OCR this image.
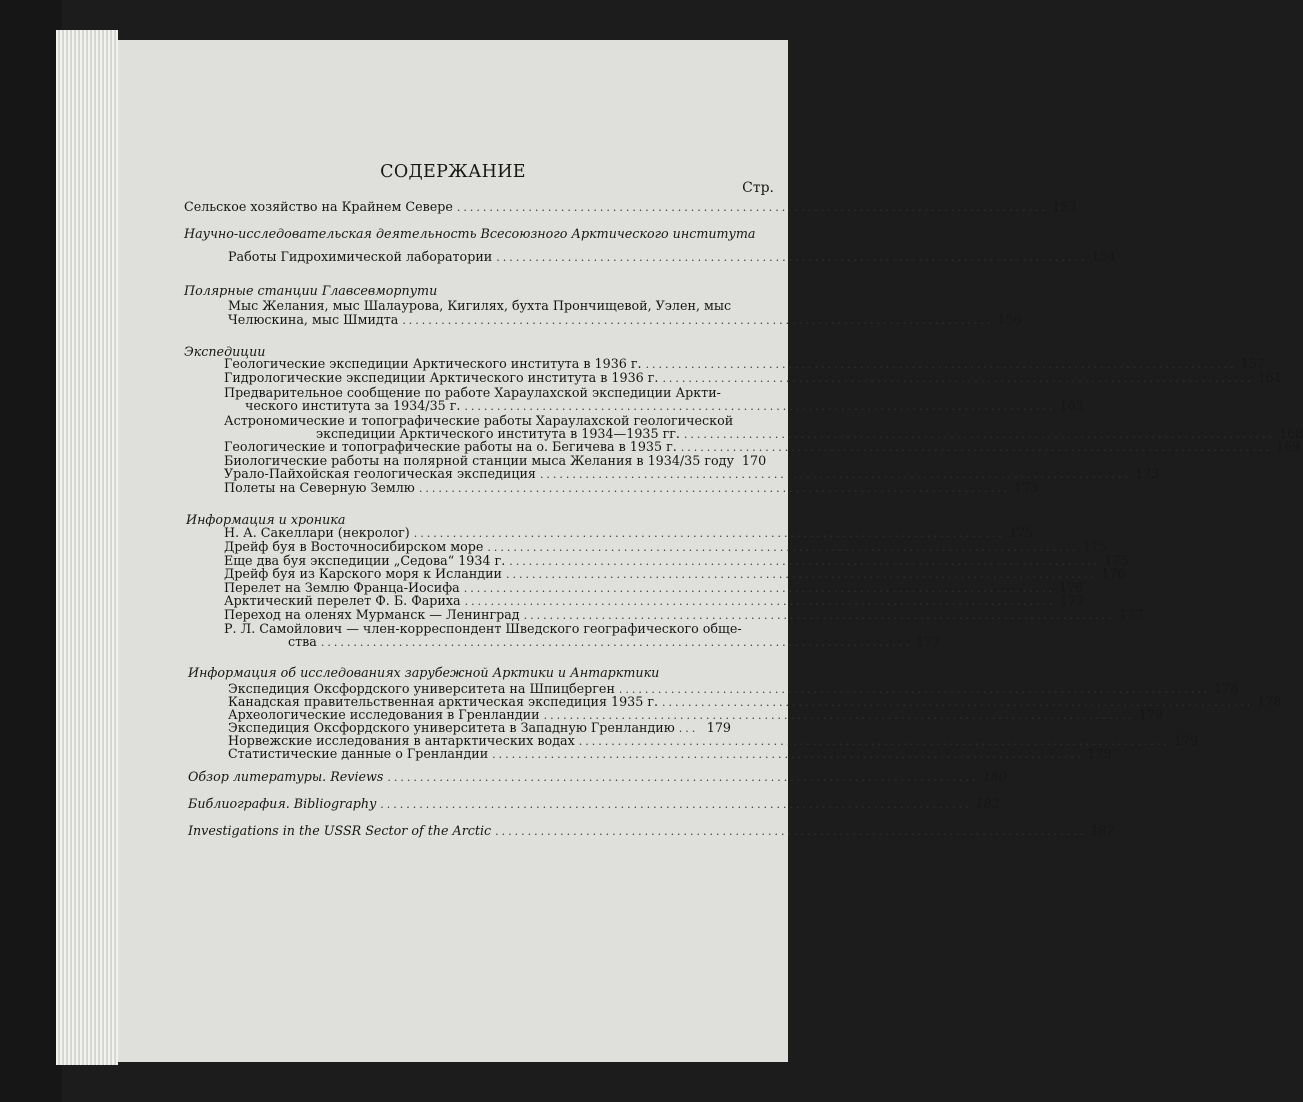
СОДЕРЖАНИЕ
Стр.
Сельское хозяйство на Крайнем Севере ........................................................................................... 153
Научно-исследовательская деятельность Всесоюзного Арктического института
Работы Гидрохимической лаборатории ........................................................................................... 154
Полярные станции Главсевморпути
Мыс Желания, мыс Шалаурова, Кигилях, бухта Прончищевой, Уэлен, мыс
Челюскина, мыс Шмидта ........................................................................................... 156
Экспедиции
Геологические экспедиции Арктического института в 1936 г. ........................................................................................... 157
Гидрологические экспедиции Арктического института в 1936 г. ........................................................................................... 161
Предварительное сообщение по работе Хараулахской экспедиции Аркти-
ческого института за 1934/35 г. ........................................................................................... 163
Астрономические и топографические работы Хараулахской геологической
экспедиции Арктического института в 1934—1935 гг. ........................................................................................... 168
Геологические и топографические работы на о. Бегичева в 1935 г. ........................................................................................... 169
Биологические работы на полярной станции мыса Желания в 1934/35 году 170
Урало-Пайхойская геологическая экспедиция ........................................................................................... 173
Полеты на Северную Землю ........................................................................................... 173
Информация и хроника
Н. А. Сакеллари (некролог) ........................................................................................... 175
Дрейф буя в Восточносибирском море ........................................................................................... 175
Еще два буя экспедиции „Седова“ 1934 г. ........................................................................................... 175
Дрейф буя из Карского моря к Исландии ........................................................................................... 176
Перелет на Землю Франца-Иосифа ........................................................................................... 176
Арктический перелет Ф. Б. Фариха ........................................................................................... 177
Переход на оленях Мурманск — Ленинград ........................................................................................... 177
Р. Л. Самойлович — член-корреспондент Шведского географического обще-
ства ........................................................................................... 177
Информация об исследованиях зарубежной Арктики и Антарктики
Экспедиция Оксфордского университета на Шпицберген ........................................................................................... 178
Канадская правительственная арктическая экспедиция 1935 г. ........................................................................................... 178
Археологические исследования в Гренландии ........................................................................................... 179
Экспедиция Оксфордского университета в Западную Гренландию ... 179
Норвежские исследования в антарктических водах ........................................................................................... 179
Статистические данные о Гренландии ........................................................................................... 179
Обзор литературы. Reviews ........................................................................................... 180
Библиография. Bibliography ........................................................................................... 182
Investigations in the USSR Sector of the Arctic ........................................................................................... 187
